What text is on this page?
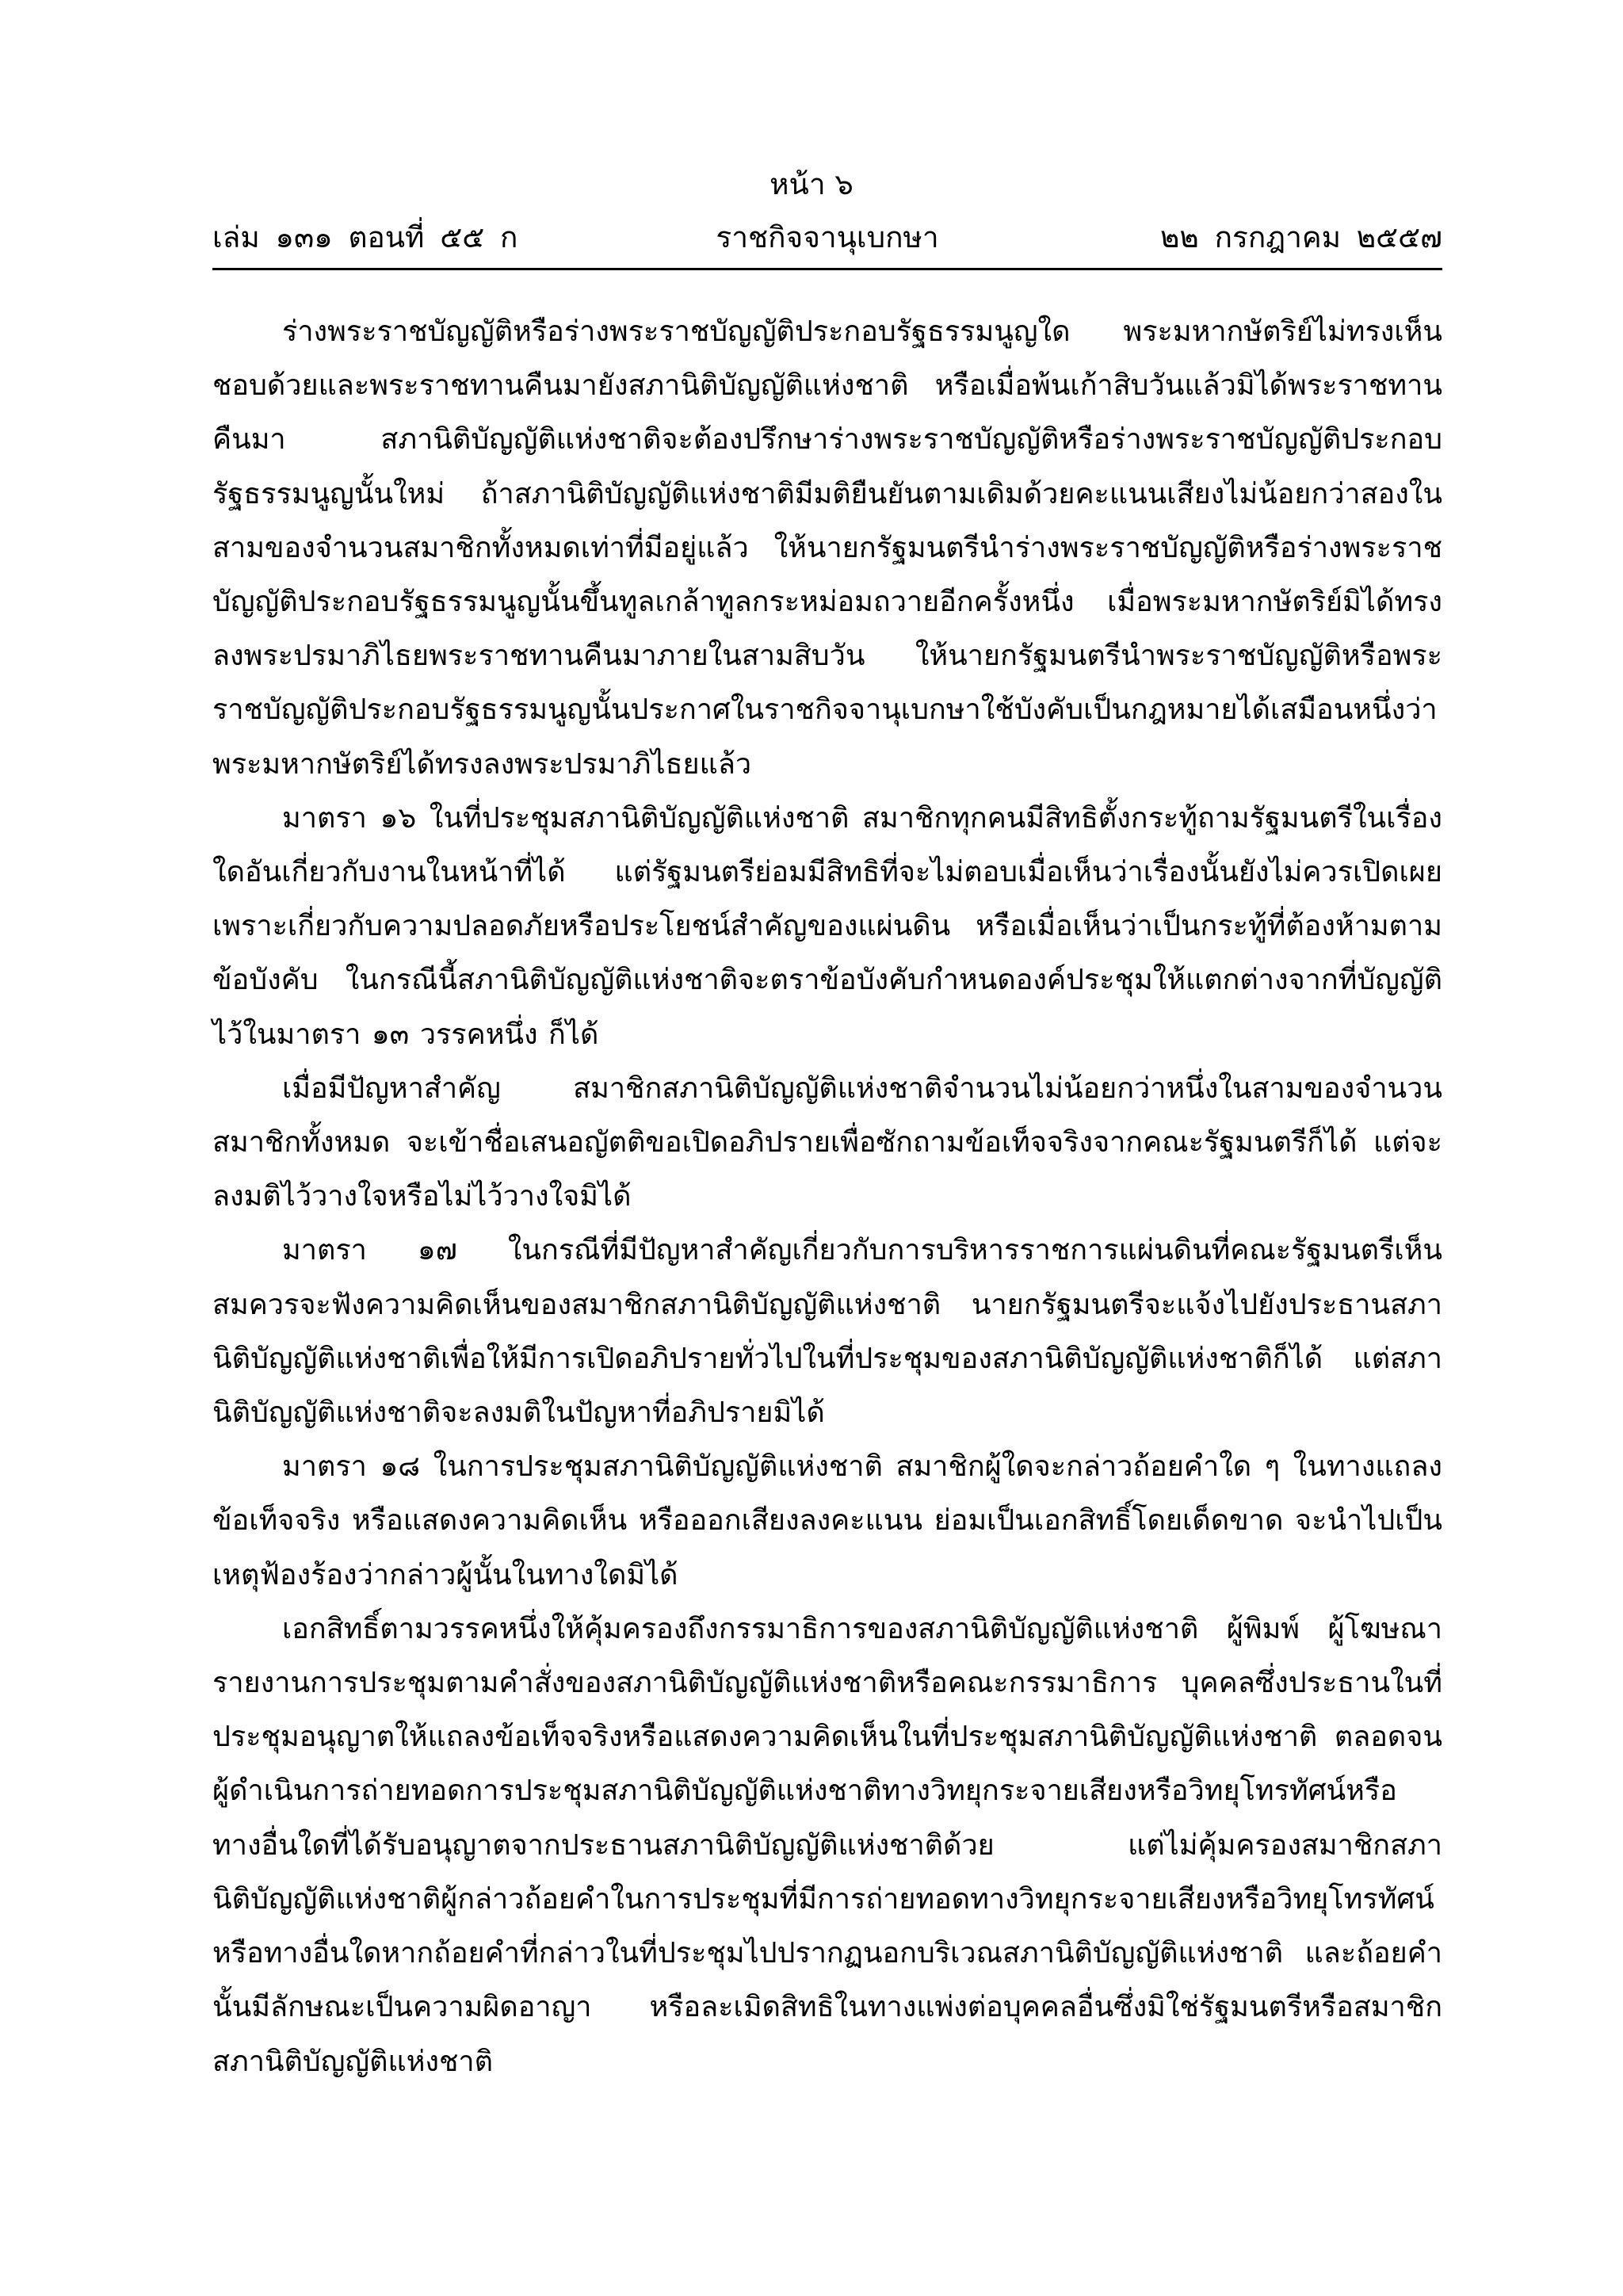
หน้า ๖
ราชกิจจานุเบกษา
เล่ม ๑๓๑ ตอนที่ ๕๕ ก	๒๒ กรกฎาคม ๒๕๕๗

ร่างพระราชบัญญัติหรือร่างพระราชบัญญัติประกอบรัฐธรรมนูญใด พระมหากษัตริย์ไม่ทรงเห็นชอบด้วยและพระราชทานคืนมายังสภานิติบัญญัติแห่งชาติ หรือเมื่อพ้นเก้าสิบวันแล้วมิได้พระราชทานคืนมา สภานิติบัญญัติแห่งชาติจะต้องปรึกษาร่างพระราชบัญญัติหรือร่างพระราชบัญญัติประกอบรัฐธรรมนูญนั้นใหม่ ถ้าสภานิติบัญญัติแห่งชาติมีมติยืนยันตามเดิมด้วยคะแนนเสียงไม่น้อยกว่าสองในสามของจำนวนสมาชิกทั้งหมดเท่าที่มีอยู่แล้ว ให้นายกรัฐมนตรีนำร่างพระราชบัญญัติหรือร่างพระราชบัญญัติประกอบรัฐธรรมนูญนั้นขึ้นทูลเกล้าทูลกระหม่อมถวายอีกครั้งหนึ่ง เมื่อพระมหากษัตริย์มิได้ทรงลงพระปรมาภิไธยพระราชทานคืนมาภายในสามสิบวัน ให้นายกรัฐมนตรีนำพระราชบัญญัติหรือพระราชบัญญัติประกอบรัฐธรรมนูญนั้นประกาศในราชกิจจานุเบกษาใช้บังคับเป็นกฎหมายได้เสมือนหนึ่งว่าพระมหากษัตริย์ได้ทรงลงพระปรมาภิไธยแล้ว

มาตรา ๑๖ ในที่ประชุมสภานิติบัญญัติแห่งชาติ สมาชิกทุกคนมีสิทธิตั้งกระทู้ถามรัฐมนตรีในเรื่องใดอันเกี่ยวกับงานในหน้าที่ได้ แต่รัฐมนตรีย่อมมีสิทธิที่จะไม่ตอบเมื่อเห็นว่าเรื่องนั้นยังไม่ควรเปิดเผยเพราะเกี่ยวกับความปลอดภัยหรือประโยชน์สำคัญของแผ่นดิน หรือเมื่อเห็นว่าเป็นกระทู้ที่ต้องห้ามตามข้อบังคับ ในกรณีนี้สภานิติบัญญัติแห่งชาติจะตราข้อบังคับกำหนดองค์ประชุมให้แตกต่างจากที่บัญญัติไว้ในมาตรา ๑๓ วรรคหนึ่ง ก็ได้

เมื่อมีปัญหาสำคัญ สมาชิกสภานิติบัญญัติแห่งชาติจำนวนไม่น้อยกว่าหนึ่งในสามของจำนวนสมาชิกทั้งหมด จะเข้าชื่อเสนอญัตติขอเปิดอภิปรายเพื่อซักถามข้อเท็จจริงจากคณะรัฐมนตรีก็ได้ แต่จะลงมติไว้วางใจหรือไม่ไว้วางใจมิได้

มาตรา ๑๗ ในกรณีที่มีปัญหาสำคัญเกี่ยวกับการบริหารราชการแผ่นดินที่คณะรัฐมนตรีเห็นสมควรจะฟังความคิดเห็นของสมาชิกสภานิติบัญญัติแห่งชาติ นายกรัฐมนตรีจะแจ้งไปยังประธานสภานิติบัญญัติแห่งชาติเพื่อให้มีการเปิดอภิปรายทั่วไปในที่ประชุมของสภานิติบัญญัติแห่งชาติก็ได้ แต่สภานิติบัญญัติแห่งชาติจะลงมติในปัญหาที่อภิปรายมิได้

มาตรา ๑๘ ในการประชุมสภานิติบัญญัติแห่งชาติ สมาชิกผู้ใดจะกล่าวถ้อยคำใด ๆ ในทางแถลงข้อเท็จจริง หรือแสดงความคิดเห็น หรือออกเสียงลงคะแนน ย่อมเป็นเอกสิทธิ์โดยเด็ดขาด จะนำไปเป็นเหตุฟ้องร้องว่ากล่าวผู้นั้นในทางใดมิได้

เอกสิทธิ์ตามวรรคหนึ่งให้คุ้มครองถึงกรรมาธิการของสภานิติบัญญัติแห่งชาติ ผู้พิมพ์ ผู้โฆษณารายงานการประชุมตามคำสั่งของสภานิติบัญญัติแห่งชาติหรือคณะกรรมาธิการ บุคคลซึ่งประธานในที่ประชุมอนุญาตให้แถลงข้อเท็จจริงหรือแสดงความคิดเห็นในที่ประชุมสภานิติบัญญัติแห่งชาติ ตลอดจนผู้ดำเนินการถ่ายทอดการประชุมสภานิติบัญญัติแห่งชาติทางวิทยุกระจายเสียงหรือวิทยุโทรทัศน์หรือทางอื่นใดที่ได้รับอนุญาตจากประธานสภานิติบัญญัติแห่งชาติด้วย แต่ไม่คุ้มครองสมาชิกสภานิติบัญญัติแห่งชาติผู้กล่าวถ้อยคำในการประชุมที่มีการถ่ายทอดทางวิทยุกระจายเสียงหรือวิทยุโทรทัศน์หรือทางอื่นใดหากถ้อยคำที่กล่าวในที่ประชุมไปปรากฏนอกบริเวณสภานิติบัญญัติแห่งชาติ และถ้อยคำนั้นมีลักษณะเป็นความผิดอาญา หรือละเมิดสิทธิในทางแพ่งต่อบุคคลอื่นซึ่งมิใช่รัฐมนตรีหรือสมาชิกสภานิติบัญญัติแห่งชาติ
